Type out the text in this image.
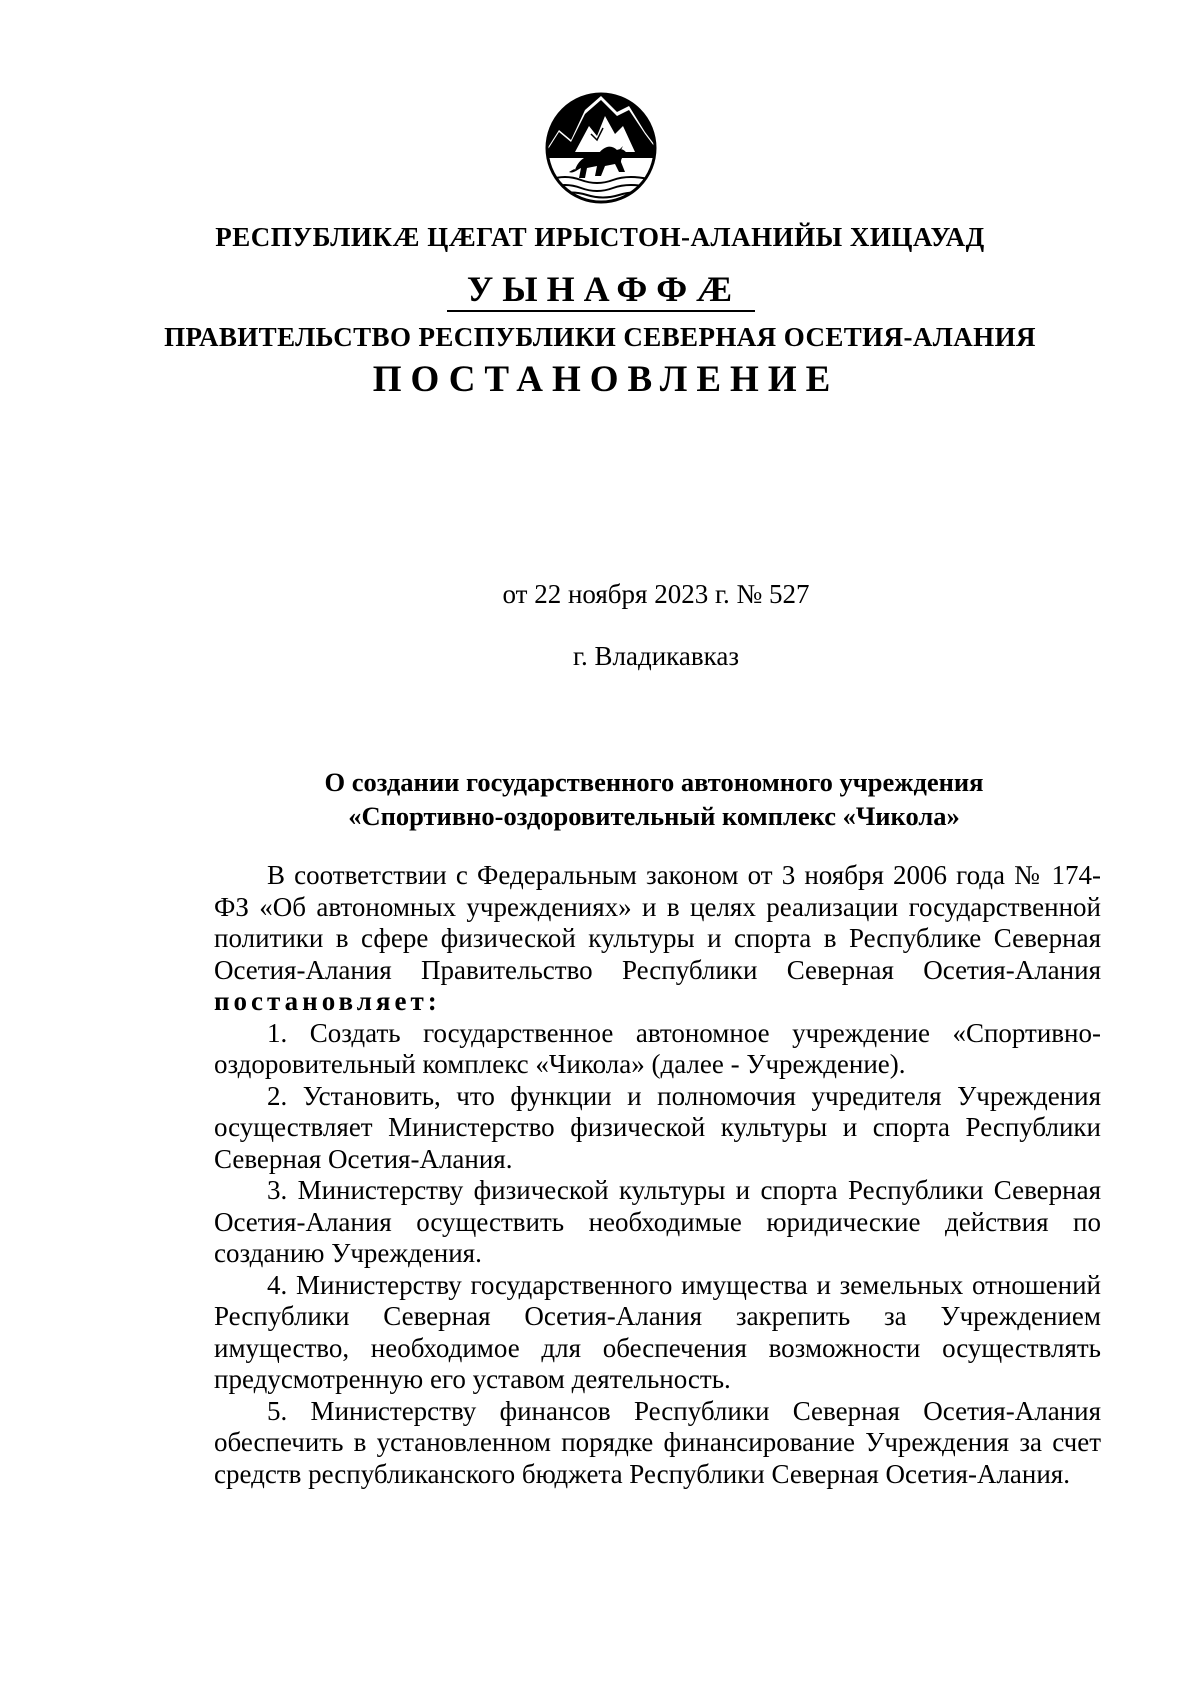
РЕСПУБЛИКÆ ЦÆГАТ ИРЫСТОН-АЛАНИЙЫ ХИЦАУАД
УЫНАФФÆ
ПРАВИТЕЛЬСТВО РЕСПУБЛИКИ СЕВЕРНАЯ ОСЕТИЯ-АЛАНИЯ
ПОСТАНОВЛЕНИЕ
от 22 ноября 2023 г. № 527
г. Владикавказ
О создании государственного автономного учреждения
«Спортивно-оздоровительный комплекс «Чикола»

В соответствии с Федеральным законом от 3 ноября 2006 года № 174-ФЗ «Об автономных учреждениях» и в целях реализации государственной политики в сфере физической культуры и спорта в Республике Северная Осетия-Алания Правительство Республики Северная Осетия-Алания постановляет:

1. Создать государственное автономное учреждение «Спортивно-оздоровительный комплекс «Чикола» (далее - Учреждение).

2. Установить, что функции и полномочия учредителя Учреждения осуществляет Министерство физической культуры и спорта Республики Северная Осетия-Алания.

3. Министерству физической культуры и спорта Республики Северная Осетия-Алания осуществить необходимые юридические действия по созданию Учреждения.

4. Министерству государственного имущества и земельных отношений Республики Северная Осетия-Алания закрепить за Учреждением имущество, необходимое для обеспечения возможности осуществлять предусмотренную его уставом деятельность.

5. Министерству финансов Республики Северная Осетия-Алания обеспечить в установленном порядке финансирование Учреждения за счет средств республиканского бюджета Республики Северная Осетия-Алания.
